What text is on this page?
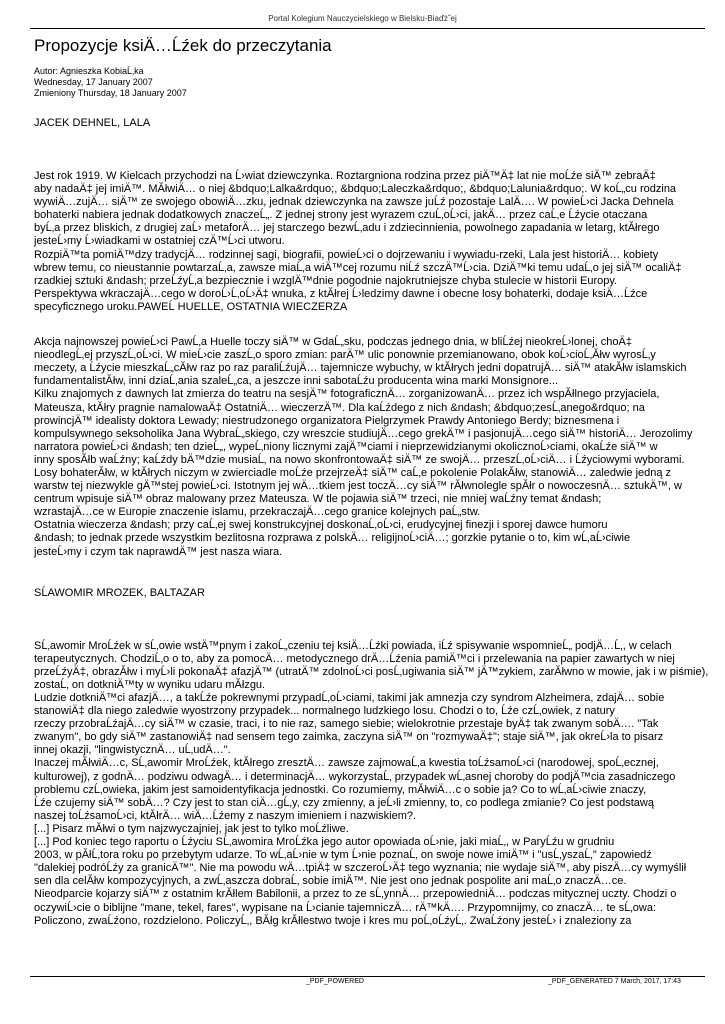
Portal Kolegium Nauczycielskiego w Bielsku-Biaďż˝ej
Propozycje ksiÄ…Ĺźek do przeczytania
Autor: Agnieszka KobiaĹ‚ka
Wednesday, 17 January 2007
Zmieniony Thursday, 18 January 2007
JACEK DEHNEL, LALA
Jest rok 1919. W Kielcach przychodzi na Ĺ›wiat dziewczynka. Roztargniona rodzina przez piÄ™Ä‡ lat nie moĹźe siÄ™ zebraÄ‡
aby nadaÄ‡ jej imiÄ™. MĂłwiÄ… o niej &bdquo;Lalka&rdquo;, &bdquo;Laleczka&rdquo;, &bdquo;Lalunia&rdquo;. W koĹ„cu rodzina
wywiÄ…zujÄ… siÄ™ ze swojego obowiÄ…zku, jednak dziewczynka na zawsze juĹź pozostaje LalÄ…. W powieĹ›ci Jacka Dehnela
bohaterki nabiera jednak dodatkowych znaczeĹ„. Z jednej strony jest wyrazem czuĹ‚oĹ›ci, jakÄ… przez caĹ‚e Ĺźycie otaczana
byĹ‚a przez bliskich, z drugiej zaĹ› metaforÄ… jej starczego bezwĹ‚adu i zdziecinnienia, powolnego zapadania w letarg, ktĂłrego
jesteĹ›my Ĺ›wiadkami w ostatniej czÄ™Ĺ›ci utworu.
RozpiÄ™ta pomiÄ™dzy tradycjÄ… rodzinnej sagi, biografii, powieĹ›ci o dojrzewaniu i wywiadu-rzeki, Lala jest historiÄ… kobiety
wbrew temu, co nieustannie powtarzaĹ‚a, zawsze miaĹ‚a wiÄ™cej rozumu niĹź szczÄ™Ĺ›cia. DziÄ™ki temu udaĹ‚o jej siÄ™ ocaliÄ‡
rzadkiej sztuki &ndash; przeĹźyĹ‚a bezpiecznie i wzglÄ™dnie pogodnie najokrutniejsze chyba stulecie w historii Europy.
Perspektywa wkraczajÄ…cego w doroĹ›Ĺ‚oĹ›Ä‡ wnuka, z ktĂłrej Ĺ›ledzimy dawne i obecne losy bohaterki, dodaje ksiÄ…Ĺźce
specyficznego uroku.PAWEĹ HUELLE, OSTATNIA WIECZERZA
Akcja najnowszej powieĹ›ci PawĹ‚a Huelle toczy siÄ™ w GdaĹ„sku, podczas jednego dnia, w bliĹźej nieokreĹ›lonej, choÄ‡
nieodlegĹ‚ej przyszĹ‚oĹ›ci. W mieĹ›cie zaszĹ‚o sporo zmian: parÄ™ ulic ponownie przemianowano, obok koĹ›cioĹ‚Ăłw wyrosĹ‚y
meczety, a Ĺźycie mieszkaĹ„cĂłw raz po raz paraliĹźujÄ… tajemnicze wybuchy, w ktĂłrych jedni dopatrujÄ… siÄ™ atakĂłw islamskich
fundamentalistĂłw, inni dziaĹ‚ania szaleĹ„ca, a jeszcze inni sabotaĹźu producenta wina marki Monsignore...
Kilku znajomych z dawnych lat zmierza do teatru na sesjÄ™ fotograficznÄ… zorganizowanÄ… przez ich wspĂłlnego przyjaciela,
Mateusza, ktĂłry pragnie namalowaÄ‡ OstatniÄ… wieczerzÄ™. Dla kaĹźdego z nich &ndash; &bdquo;zesĹ‚anego&rdquo; na
prowincjÄ™ idealisty doktora Lewady; niestrudzonego organizatora Pielgrzymek Prawdy Antoniego Berdy; biznesmena i
kompulsywnego seksoholika Jana WybraĹ„skiego, czy wreszcie studiujÄ…cego grekÄ™ i pasjonujÄ…cego siÄ™ historiÄ… Jerozolimy
narratora powieĹ›ci &ndash; ten dzieĹ„, wypeĹ‚niony licznymi zajÄ™ciami i nieprzewidzianymi okolicznoĹ›ciami, okaĹźe siÄ™ w
inny sposĂłb waĹźny; kaĹźdy bÄ™dzie musiaĹ‚ na nowo skonfrontowaÄ‡ siÄ™ ze swojÄ… przeszĹ‚oĹ›ciÄ… i Ĺźyciowymi wyborami.
Losy bohaterĂłw, w ktĂłrych niczym w zwierciadle moĹźe przejrzeÄ‡ siÄ™ caĹ‚e pokolenie PolakĂłw, stanowiÄ… zaledwie jedną z
warstw tej niezwykle gÄ™stej powieĹ›ci. Istotnym jej wÄ…tkiem jest toczÄ…cy siÄ™ rĂłwnolegle spĂłr o nowoczesnÄ… sztukÄ™, w
centrum wpisuje siÄ™ obraz malowany przez Mateusza. W tle pojawia siÄ™ trzeci, nie mniej waĹźny temat &ndash;
wzrastajÄ…ce w Europie znaczenie islamu, przekraczajÄ…cego granice kolejnych paĹ„stw.
Ostatnia wieczerza &ndash; przy caĹ‚ej swej konstrukcyjnej doskonaĹ‚oĹ›ci, erudycyjnej finezji i sporej dawce humoru
&ndash; to jednak przede wszystkim bezlitosna rozprawa z polskÄ… religijnoĹ›ciÄ…; gorzkie pytanie o to, kim wĹ‚aĹ›ciwie
jesteĹ›my i czym tak naprawdÄ™ jest nasza wiara.
SĹAWOMIR MROZEK, BALTAZAR
SĹ‚awomir MroĹźek w sĹ‚owie wstÄ™pnym i zakoĹ„czeniu tej ksiÄ…Ĺźki powiada, iĹź spisywanie wspomnieĹ„ podjÄ…Ĺ‚, w celach
terapeutycznych. ChodziĹ‚o o to, aby za pomocÄ… metodycznego drÄ…Ĺźenia pamiÄ™ci i przelewania na papier zawartych w niej
przeĹźyÄ‡, obrazĂłw i myĹ›li pokonaÄ‡ afazjÄ™ (utratÄ™ zdolnoĹ›ci posĹ‚ugiwania siÄ™ jÄ™zykiem, zarĂłwno w mowie, jak i w piśmie),
zostaĹ‚ on dotkniÄ™ty w wyniku udaru mĂłzgu.
Ludzie dotkniÄ™ci afazjÄ…, a takĹźe pokrewnymi przypadĹ‚oĹ›ciami, takimi jak amnezja czy syndrom Alzheimera, zdajÄ… sobie
stanowiÄ‡ dla niego zaledwie wyostrzony przypadek... normalnego ludzkiego losu. Chodzi o to, Ĺźe czĹ‚owiek, z natury
rzeczy przobraĹźajÄ…cy siÄ™ w czasie, traci, i to nie raz, samego siebie; wielokrotnie przestaje byÄ‡ tak zwanym sobÄ…. "Tak
zwanym", bo gdy siÄ™ zastanowiÄ‡ nad sensem tego zaimka, zaczyna siÄ™ on "rozmywaÄ‡"; staje siÄ™, jak okreĹ›la to pisarz
innej okazji, "lingwistycznÄ… uĹ‚udÄ…".
Inaczej mĂłwiÄ…c, SĹ‚awomir MroĹźek, ktĂłrego zresztÄ… zawsze zajmowaĹ‚a kwestia toĹźsamoĹ›ci (narodowej, spoĹ‚ecznej,
kulturowej), z godnÄ… podziwu odwagÄ… i determinacjÄ… wykorzystaĹ‚ przypadek wĹ‚asnej choroby do podjÄ™cia zasadniczego
problemu czĹ‚owieka, jakim jest samoidentyfikacja jednostki. Co rozumiemy, mĂłwiÄ…c o sobie ja? Co to wĹ‚aĹ›ciwie znaczy,
Ĺźe czujemy siÄ™ sobÄ…? Czy jest to stan ciÄ…gĹ‚y, czy zmienny, a jeĹ›li zmienny, to, co podlega zmianie? Co jest podstawą
naszej toĹźsamoĹ›ci, ktĂłrÄ… wiÄ…Ĺźemy z naszym imieniem i nazwiskiem?.
[...] Pisarz mĂłwi o tym najzwyczajniej, jak jest to tylko moĹźliwe.
[...] Pod koniec tego raportu o Ĺźyciu SĹ‚awomira MroĹźka jego autor opowiada oĹ›nie, jaki miaĹ‚, w ParyĹźu w grudniu
2003, w pĂłĹ‚tora roku po przebytym udarze. To wĹ‚aĹ›nie w tym Ĺ›nie poznaĹ‚ on swoje nowe imiÄ™ i "usĹ‚yszaĹ‚" zapowiedź
"dalekiej podróĹźy za granicÄ™". Nie ma powodu wÄ…tpiÄ‡ w szczeroĹ›Ä‡ tego wyznania; nie wydaje siÄ™, aby piszÄ…cy wymyślił
sen dla celĂłw kompozycyjnych, a zwĹ‚aszcza dobraĹ‚ sobie imiÄ™. Nie jest ono jednak pospolite ani maĹ‚o znaczÄ…ce.
Nieodparcie kojarzy siÄ™ z ostatnim krĂłlem Babilonii, a przez to ze sĹ‚ynnÄ… przepowiedniÄ… podczas mitycznej uczty. Chodzi o
oczywiĹ›cie o biblijne "mane, tekel, fares", wypisane na Ĺ›cianie tajemniczÄ… rÄ™kÄ…. Przypomnijmy, co znaczÄ… te sĹ‚owa:
Policzono, zwaĹźono, rozdzielono. PoliczyĹ‚, BĂłg krĂłlestwo twoje i kres mu poĹ‚oĹźyĹ‚. ZwaĹźony jesteĹ› i znaleziony za
_PDF_POWERED	_PDF_GENERATED 7 March, 2017, 17:43
